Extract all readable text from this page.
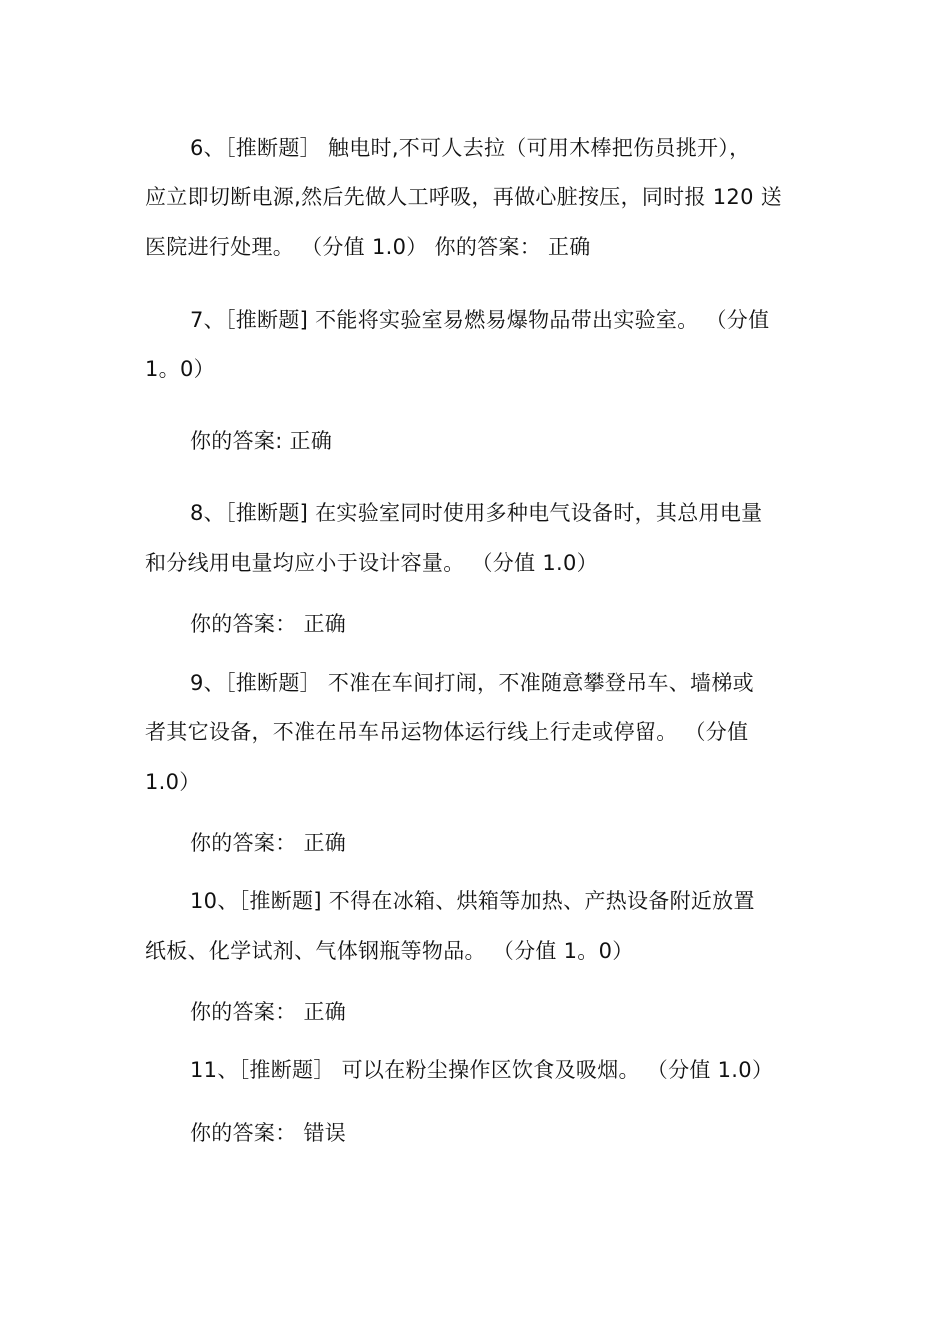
6、［推断题］ 触电时,不可人去拉（可用木棒把伤员挑开），
应立即切断电源,然后先做人工呼吸，再做心脏按压，同时报 120 送
医院进行处理。 （分值 1.0） 你的答案： 正确
7、［推断题] 不能将实验室易燃易爆物品带出实验室。 （分值
1。0）
你的答案: 正确
8、［推断题] 在实验室同时使用多种电气设备时，其总用电量
和分线用电量均应小于设计容量。 （分值 1.0）
你的答案： 正确
9、［推断题］ 不准在车间打闹，不准随意攀登吊车、墙梯或
者其它设备，不准在吊车吊运物体运行线上行走或停留。 （分值
1.0）
你的答案： 正确
10、［推断题] 不得在冰箱、烘箱等加热、产热设备附近放置
纸板、化学试剂、气体钢瓶等物品。 （分值 1。0）
你的答案： 正确
11、［推断题］ 可以在粉尘操作区饮食及吸烟。 （分值 1.0）
你的答案： 错误
